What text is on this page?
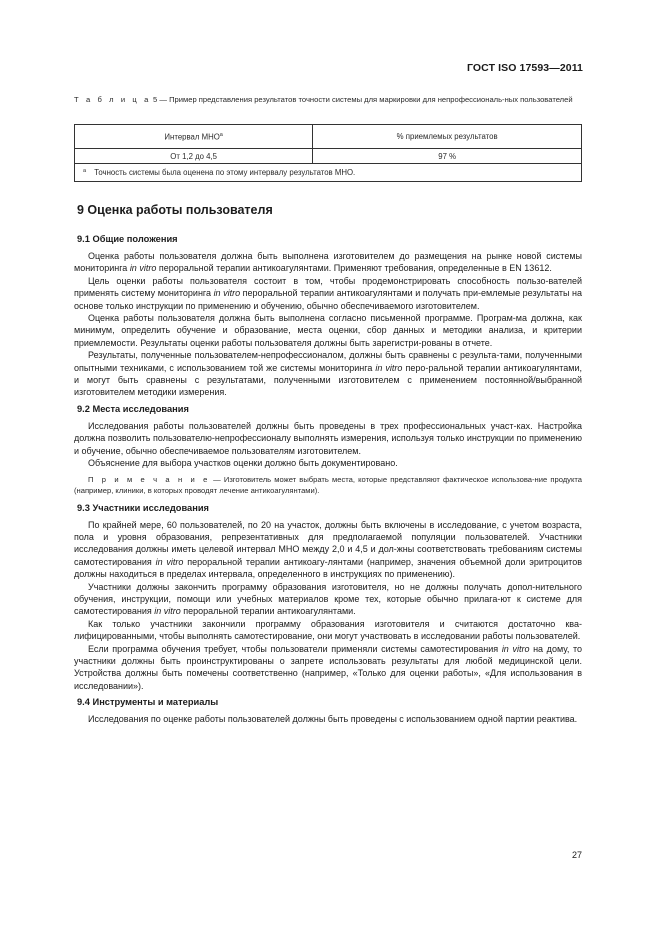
ГОСТ ISO 17593—2011
Т а б л и ц а 5 — Пример представления результатов точности системы для маркировки для непрофессиональ-ных пользователей
Интервал $МНО^а$	% приемлемых результатов
От 1,2 до 4,5	97 %
$^а$ Точность системы была оценена по этому интервалу результатов МНО.	
9 Оценка работы пользователя
9.1 Общие положения

Оценка работы пользователя должна быть выполнена изготовителем до размещения на рынке новой системы мониторинга in vitro пероральной терапии антикоагулянтами. Применяют требования, определенные в EN 13612.

Цель оценки работы пользователя состоит в том, чтобы продемонстрировать способность пользо-вателей применять систему мониторинга in vitro пероральной терапии антикоагулянтами и получать при-емлемые результаты на основе только инструкции по применению и обучению, обычно обеспечиваемого изготовителем.

Оценка работы пользователя должна быть выполнена согласно письменной программе. Програм-ма должна, как минимум, определить обучение и образование, места оценки, сбор данных и методики анализа, и критерии приемлемости. Результаты оценки работы пользователя должны быть зарегистри-рованы в отчете.

Результаты, полученные пользователем-непрофессионалом, должны быть сравнены с результа-тами, полученными опытными техниками, с использованием той же системы мониторинга in vitro перо-ральной терапии антикоагулянтами, и могут быть сравнены с результатами, полученными изготовителем с применением постоянной/выбранной изготовителем методики измерения.

9.2 Места исследования

Исследования работы пользователей должны быть проведены в трех профессиональных участ-ках. Настройка должна позволить пользователю-непрофессионалу выполнять измерения, используя только инструкции по применению и обучение, обычно обеспечиваемое пользователям изготовителем.

Объяснение для выбора участков оценки должно быть документировано.

П р и м е ч а н и е — Изготовитель может выбрать места, которые представляют фактическое использова-ние продукта (например, клиники, в которых проводят лечение антикоагулянтами).

9.3 Участники исследования

По крайней мере, 60 пользователей, по 20 на участок, должны быть включены в исследование, с учетом возраста, пола и уровня образования, репрезентативных для предполагаемой популяции пользователей. Участники исследования должны иметь целевой интервал МНО между 2,0 и 4,5 и дол-жны соответствовать требованиям системы самотестирования in vitro пероральной терапии антикоагу-лянтами (например, значения объемной доли эритроцитов должны находиться в пределах интервала, определенного в инструкциях по применению).

Участники должны закончить программу образования изготовителя, но не должны получать допол-нительного обучения, инструкции, помощи или учебных материалов кроме тех, которые обычно прилага-ют к системе для самотестирования in vitro пероральной терапии антикоагулянтами.

Как только участники закончили программу образования изготовителя и считаются достаточно ква-лифицированными, чтобы выполнять самотестирование, они могут участвовать в исследовании работы пользователей.

Если программа обучения требует, чтобы пользователи применяли системы самотестирования in vitro на дому, то участники должны быть проинструктированы о запрете использовать результаты для любой медицинской цели. Устройства должны быть помечены соответственно (например, «Только для оценки работы», «Для использования в исследовании»).

9.4 Инструменты и материалы

Исследования по оценке работы пользователей должны быть проведены с использованием одной партии реактива.

27
